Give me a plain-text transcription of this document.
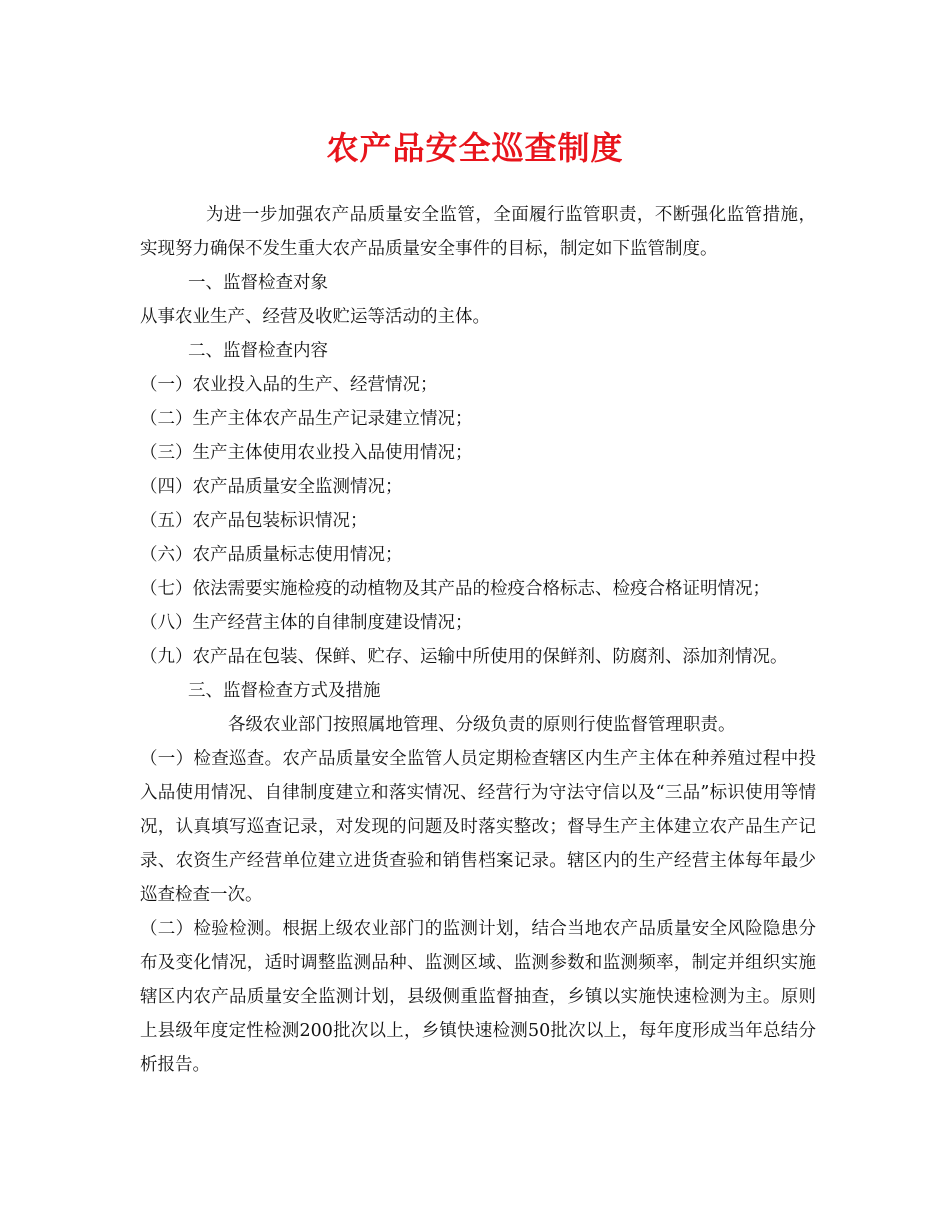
农产品安全巡查制度

为进一步加强农产品质量安全监管，全面履行监管职责，不断强化监管措施，实现努力确保不发生重大农产品质量安全事件的目标，制定如下监管制度。

一、监督检查对象

从事农业生产、经营及收贮运等活动的主体。

二、监督检查内容

（一）农业投入品的生产、经营情况；

（二）生产主体农产品生产记录建立情况；

（三）生产主体使用农业投入品使用情况；

（四）农产品质量安全监测情况；

（五）农产品包装标识情况；

（六）农产品质量标志使用情况；

（七）依法需要实施检疫的动植物及其产品的检疫合格标志、检疫合格证明情况；

（八）生产经营主体的自律制度建设情况；

（九）农产品在包装、保鲜、贮存、运输中所使用的保鲜剂、防腐剂、添加剂情况。

三、监督检查方式及措施

各级农业部门按照属地管理、分级负责的原则行使监督管理职责。

（一）检查巡查。农产品质量安全监管人员定期检查辖区内生产主体在种养殖过程中投入品使用情况、自律制度建立和落实情况、经营行为守法守信以及“三品”标识使用等情况，认真填写巡查记录，对发现的问题及时落实整改；督导生产主体建立农产品生产记录、农资生产经营单位建立进货查验和销售档案记录。辖区内的生产经营主体每年最少巡查检查一次。

（二）检验检测。根据上级农业部门的监测计划，结合当地农产品质量安全风险隐患分布及变化情况，适时调整监测品种、监测区域、监测参数和监测频率，制定并组织实施辖区内农产品质量安全监测计划，县级侧重监督抽查，乡镇以实施快速检测为主。原则上县级年度定性检测200批次以上，乡镇快速检测50批次以上，每年度形成当年总结分析报告。
